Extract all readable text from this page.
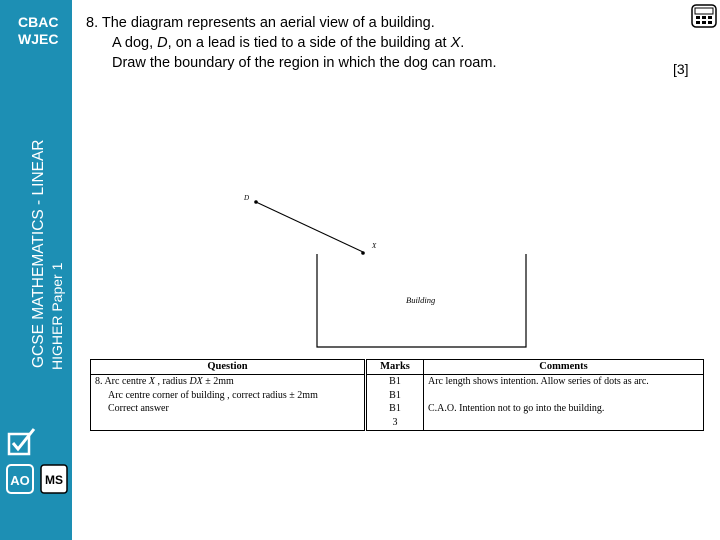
CBAC
WJEC
GCSE MATHEMATICS - LINEAR HIGHER Paper 1
AO MS
8. The diagram represents an aerial view of a building.
A dog, D, on a lead is tied to a side of the building at X.
Draw the boundary of the region in which the dog can roam.	[3]
D
X
Building
Question	Marks	Comments
8. Arc centre X , radius DX ± 2mm	B1	Arc length shows intention. Allow series of dots as arc.

Arc centre corner of building , correct radius ± 2mm	B1	

Correct answer	B1	C.A.O. Intention not to go into the building.
	3	
